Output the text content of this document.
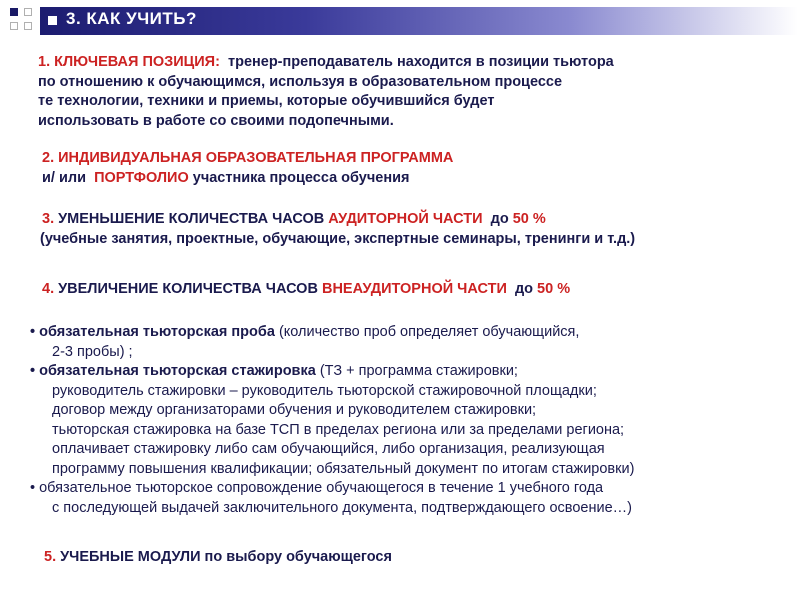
3. КАК УЧИТЬ?
1. КЛЮЧЕВАЯ ПОЗИЦИЯ: тренер-преподаватель находится в позиции тьютора
по отношению к обучающимся, используя в образовательном процессе
те технологии, техники и приемы, которые обучившийся будет
использовать в работе со своими подопечными.
2. ИНДИВИДУАЛЬНАЯ ОБРАЗОВАТЕЛЬНАЯ ПРОГРАММА
и/ или ПОРТФОЛИО участника процесса обучения
3. УМЕНЬШЕНИЕ КОЛИЧЕСТВА ЧАСОВ АУДИТОРНОЙ ЧАСТИ до 50 %
(учебные занятия, проектные, обучающие, экспертные семинары, тренинги и т.д.)
4. УВЕЛИЧЕНИЕ КОЛИЧЕСТВА ЧАСОВ ВНЕАУДИТОРНОЙ ЧАСТИ до 50 %
• обязательная тьюторская проба (количество проб определяет обучающийся,
2-3 пробы) ;
• обязательная тьюторская стажировка (ТЗ + программа стажировки;
руководитель стажировки – руководитель тьюторской стажировочной площадки;
договор между организаторами обучения и руководителем стажировки;
тьюторская стажировка на базе ТСП в пределах региона или за пределами региона;
оплачивает стажировку либо сам обучающийся, либо организация, реализующая
программу повышения квалификации; обязательный документ по итогам стажировки)
• обязательное тьюторское сопровождение обучающегося в течение 1 учебного года
с последующей выдачей заключительного документа, подтверждающего освоение…)
5. УЧЕБНЫЕ МОДУЛИ по выбору обучающегося
